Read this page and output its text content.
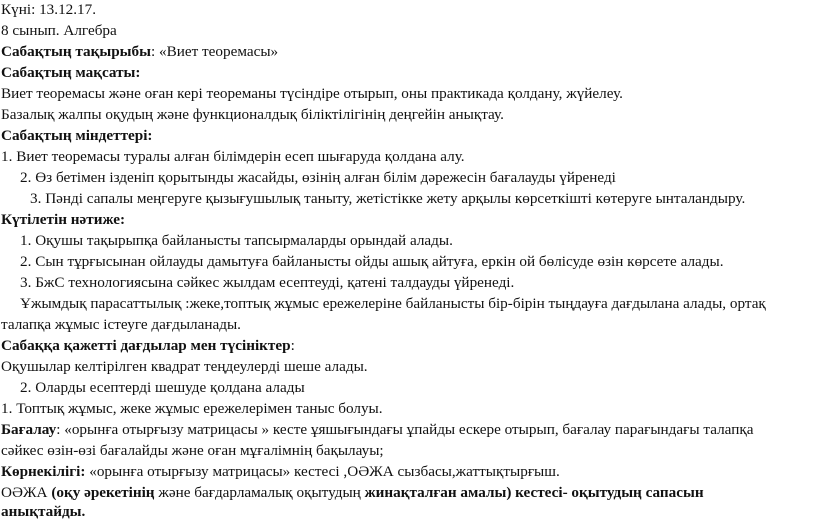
Күні: 13.12.17.
8 сынып. Алгебра
Сабақтың тақырыбы: «Виет теоремасы»
Сабақтың мақсаты:
Виет теоремасы және оған кері теореманы түсіндіре отырып, оны практикада қолдану, жүйелеу.
Базалық жалпы оқудың және функционалдық біліктілігінің деңгейін анықтау.
Сабақтың міндеттері:
1. Виет теоремасы туралы алған білімдерін есеп шығаруда қолдана алу.
2. Өз бетімен ізденіп қорытынды жасайды, өзінің алған білім дәрежесін бағалауды үйренеді
3. Пәнді сапалы меңгеруге қызығушылық таныту, жетістікке жету арқылы көрсеткішті көтеруге ынталандыру.
Күтілетін нәтиже:
1. Оқушы тақырыпқа байланысты тапсырмаларды орындай алады.
2. Сын тұрғысынан ойлауды дамытуға байланысты ойды ашық айтуға, еркін ой бөлісуде өзін көрсете алады.
3. БжС технологиясына сәйкес жылдам есептеуді, қатені талдауды үйренеді.
Ұжымдық парасаттылық :жеке,топтық жұмыс ережелеріне байланысты бір-бірін тыңдауға дағдылана алады, ортақ
талапқа жұмыс істеуге дағдыланады.
Сабаққа қажетті дағдылар мен түсініктер:
Оқушылар келтірілген квадрат теңдеулерді шеше алады.
2. Оларды есептерді шешуде қолдана алады
1. Топтық жұмыс, жеке жұмыс ережелерімен таныс болуы.
Бағалау: «орынға отырғызу матрицасы » кесте ұяшығындағы ұпайды ескере отырып, бағалау парағындағы талапқа
сәйкес өзін-өзі бағалайды және оған мұғалімнің бақылауы;
Көрнекілігі: «орынға отырғызу матрицасы» кестесі ,ОӘЖА сызбасы,жаттықтырғыш.
ОӘЖА (оқу әрекетінің және бағдарламалық оқытудың жинақталған амалы) кестесі- оқытудың сапасын
анықтайды.
